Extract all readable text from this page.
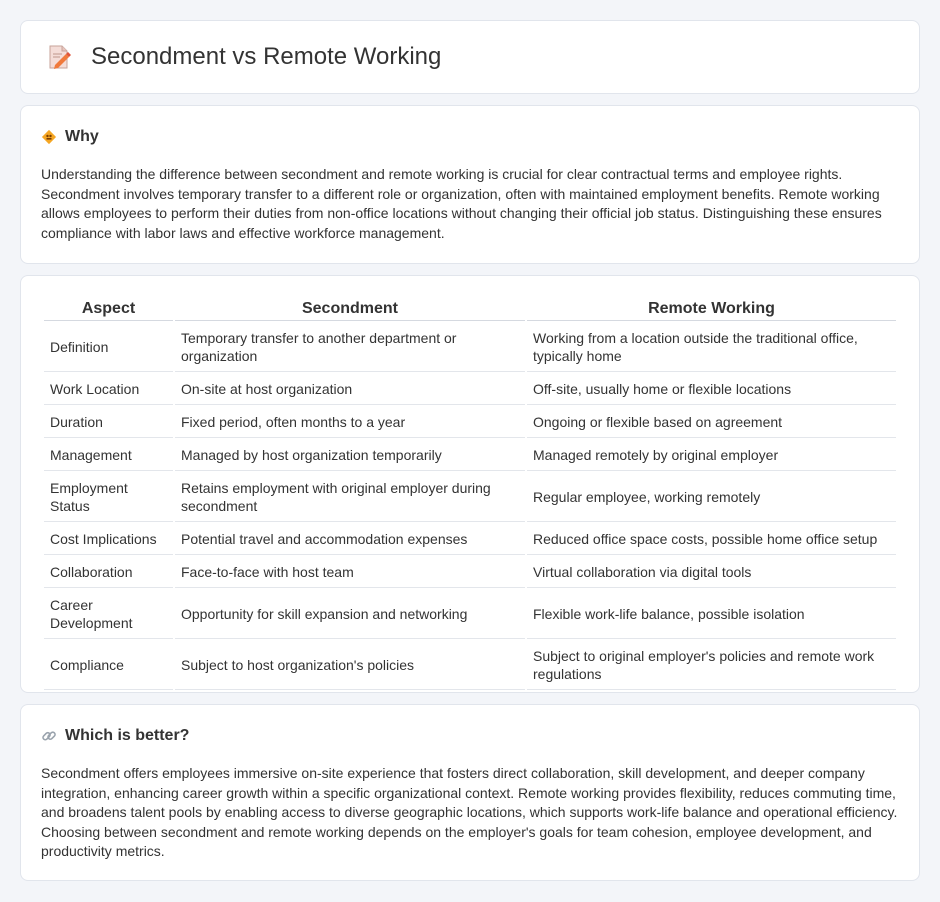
Secondment vs Remote Working
Why

Understanding the difference between secondment and remote working is crucial for clear contractual terms and employee rights. Secondment involves temporary transfer to a different role or organization, often with maintained employment benefits. Remote working allows employees to perform their duties from non-office locations without changing their official job status. Distinguishing these ensures compliance with labor laws and effective workforce management.

Aspect	Secondment	Remote Working
Definition	Temporary transfer to another department or organization	Working from a location outside the traditional office, typically home
Work Location	On-site at host organization	Off-site, usually home or flexible locations
Duration	Fixed period, often months to a year	Ongoing or flexible based on agreement
Management	Managed by host organization temporarily	Managed remotely by original employer
Employment Status	Retains employment with original employer during secondment	Regular employee, working remotely
Cost Implications	Potential travel and accommodation expenses	Reduced office space costs, possible home office setup
Collaboration	Face-to-face with host team	Virtual collaboration via digital tools
Career Development	Opportunity for skill expansion and networking	Flexible work-life balance, possible isolation
Compliance	Subject to host organization's policies	Subject to original employer's policies and remote work regulations
Which is better?

Secondment offers employees immersive on-site experience that fosters direct collaboration, skill development, and deeper company integration, enhancing career growth within a specific organizational context. Remote working provides flexibility, reduces commuting time, and broadens talent pools by enabling access to diverse geographic locations, which supports work-life balance and operational efficiency. Choosing between secondment and remote working depends on the employer's goals for team cohesion, employee development, and productivity metrics.
